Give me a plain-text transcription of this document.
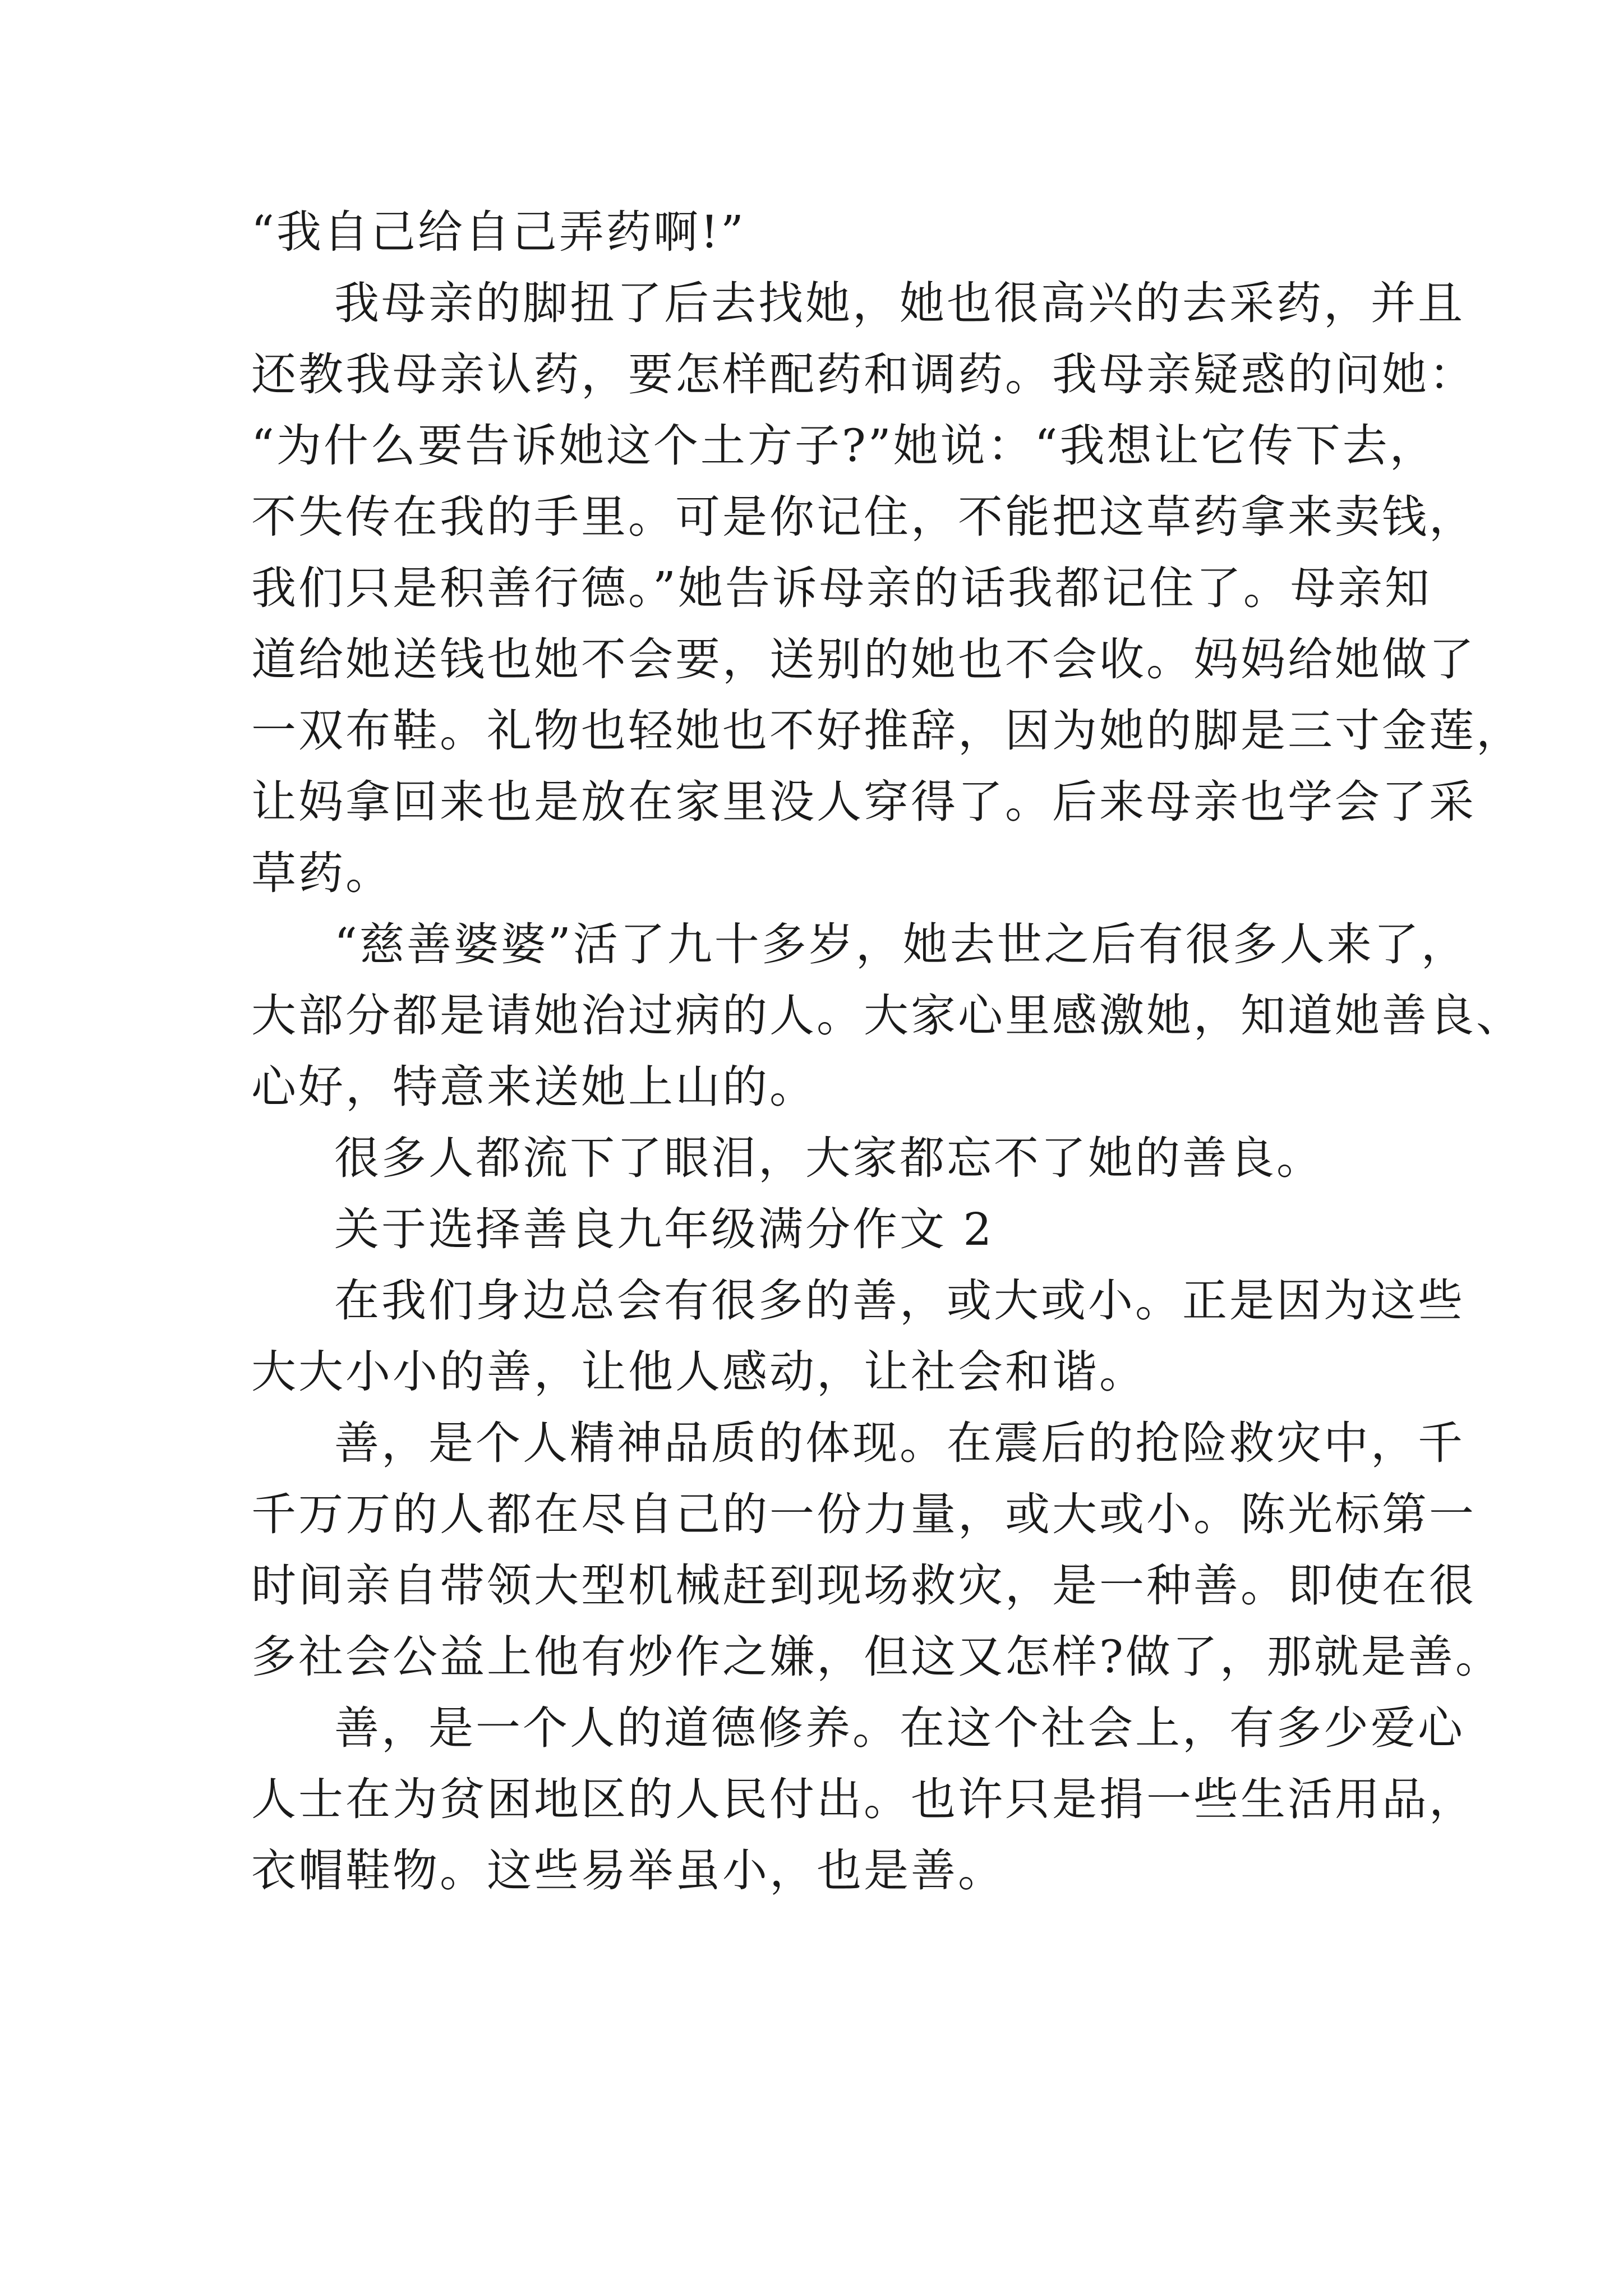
“我自己给自己弄药啊!”
我母亲的脚扭了后去找她，她也很高兴的去采药，并且
还教我母亲认药，要怎样配药和调药。我母亲疑惑的问她：
“为什么要告诉她这个土方子?”她说：“我想让它传下去，
不失传在我的手里。可是你记住，不能把这草药拿来卖钱，
我们只是积善行德。”她告诉母亲的话我都记住了。母亲知
道给她送钱也她不会要，送别的她也不会收。妈妈给她做了
一双布鞋。礼物也轻她也不好推辞，因为她的脚是三寸金莲，
让妈拿回来也是放在家里没人穿得了。后来母亲也学会了采
草药。
“慈善婆婆”活了九十多岁，她去世之后有很多人来了，
大部分都是请她治过病的人。大家心里感激她，知道她善良、
心好，特意来送她上山的。
很多人都流下了眼泪，大家都忘不了她的善良。
关于选择善良九年级满分作文 2
在我们身边总会有很多的善，或大或小。正是因为这些
大大小小的善，让他人感动，让社会和谐。
善，是个人精神品质的体现。在震后的抢险救灾中，千
千万万的人都在尽自己的一份力量，或大或小。陈光标第一
时间亲自带领大型机械赶到现场救灾，是一种善。即使在很
多社会公益上他有炒作之嫌，但这又怎样?做了，那就是善。
善，是一个人的道德修养。在这个社会上，有多少爱心
人士在为贫困地区的人民付出。也许只是捐一些生活用品，
衣帽鞋物。这些易举虽小，也是善。
